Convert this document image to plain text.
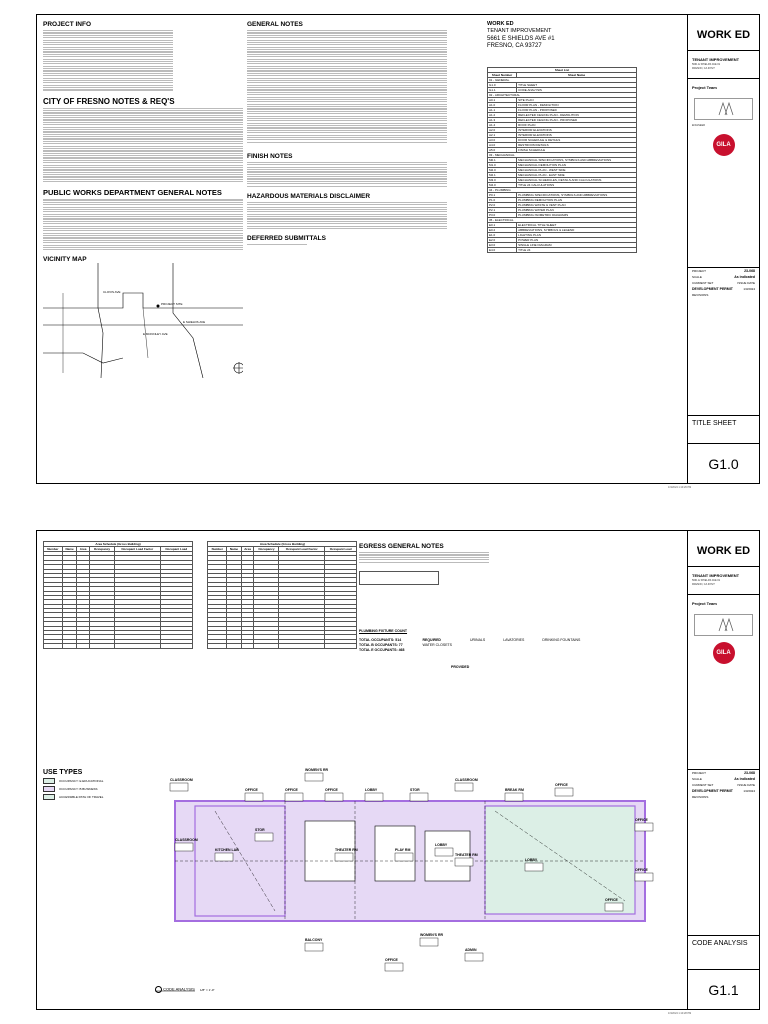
PROJECT INFO
CITY OF FRESNO NOTES & REQ'S
PUBLIC WORKS DEPARTMENT GENERAL NOTES
VICINITY MAP
PROJECT SITE
E SHIELDS AVE
CLOVIS AVE
E MCKINLEY AVE
GENERAL NOTES
FINISH NOTES
HAZARDOUS MATERIALS DISCLAIMER
DEFERRED SUBMITTALS
WORK ED
TENANT IMPROVEMENT
5661 E SHIELDS AVE #1
FRESNO, CA 93727
Sheet List	
Sheet Number	Sheet Name
01 - GENERAL	
G1.0	TITLE SHEET
G1.1	CODE ANALYSIS
02 - ARCHITECTURAL	
A0.1	SITE PLAN
A1.0	FLOOR PLAN - DEMOLITION
A1.1	FLOOR PLAN - PROPOSED
A1.2	REFLECTED CEILING PLAN - DEMOLITION
A1.3	REFLECTED CEILING PLAN - PROPOSED
A1.4	ROOF PLAN
A2.0	INTERIOR ELEVATIONS
A2.1	INTERIOR ELEVATIONS
A3.0	DOOR SCHEDULE & DETAILS
A4.0	RESTROOM DETAILS
A5.0	FINISH SCHEDULE
03 - MECHANICAL	
M0.1	MECHANICAL SPECIFICATIONS, SYMBOLS AND ABBREVIATIONS
M1.0	MECHANICAL DEMOLITION PLAN
M2.0	MECHANICAL PLAN - WEST SIDE
M2.1	MECHANICAL PLAN - EAST SIDE
M3.0	MECHANICAL SCHEDULES, DETAILS AND CALCULATIONS
M4.0	TITLE 24 CALCULATIONS
04 - PLUMBING	
P0.1	PLUMBING SPECIFICATIONS, SYMBOLS AND ABBREVIATIONS
P1.0	PLUMBING DEMOLITION PLAN
P2.0	PLUMBING WASTE & VENT PLAN
P2.1	PLUMBING WATER PLAN
P3.0	PLUMBING ISOMETRIC DIAGRAMS
05 - ELECTRICAL	
E0.1	ELECTRICAL TITLE SHEET
E0.2	ABBREVIATIONS, SYMBOLS & LEGEND
E1.0	LIGHTING PLAN
E2.0	POWER PLAN
E3.0	SINGLE LINE DIAGRAM
E4.0	TITLE 24
WORK ED
TENANT IMPROVEMENT
5661 E SHIELDS AVE #1
FRESNO, CA 93727
Project Team
ENGINEER
GILA
PROJECT	23-068
SCALE	As indicated
CURRENT SET	ISSUE DATE
DEVELOPMENT PERMIT	1/3/2024
REVISIONS
TITLE SHEET
G1.0
1/3/2024 1:10:26 PM
Area Schedule (Gross Building)					
Number	Name	Area	Occupancy	Occupant Load Factor	Occupant Load

					Area Schedule (Gross Building)					
Number	Name	Area	Occupancy	Occupant Load Factor	Occupant Load

					EGRESS GENERAL NOTES
PLUMBING FIXTURE COUNT
TOTAL OCCUPANTS: 514
TOTAL B OCCUPANTS: 77
TOTAL E OCCUPANTS: 468
REQUIRED
WATER CLOSETS
URINALS	LAVATORIES	DRINKING FOUNTAINS
PROVIDED
USE TYPES
OCCUPANCY: E EDUCATIONAL
OCCUPANCY: B BUSINESS
ACCESSIBLE PATH OF TRAVEL
CLASSROOM
WOMEN'S RR
OFFICE	OFFICE	OFFICE	LOBBY	STOR
CLASSROOM
BREAK RM
OFFICE
THEATER RM	PLAY RM
LOBBY
THEATER RM
LOBBY
OFFICE
CLASSROOM
KITCHEN LAB
STOR
OFFICE
OFFICE
BALCONY
ADMIN
WOMEN'S RR
OFFICE
CODE ANALYSIS 1/8" = 1'-0"
WORK ED
TENANT IMPROVEMENT
5661 E SHIELDS AVE #1
FRESNO, CA 93727
Project Team
GILA
PROJECT	23-068
SCALE	As indicated
CURRENT SET	ISSUE DATE
DEVELOPMENT PERMIT	1/3/2024
REVISIONS
CODE ANALYSIS
G1.1
1/3/2024 1:10:28 PM
